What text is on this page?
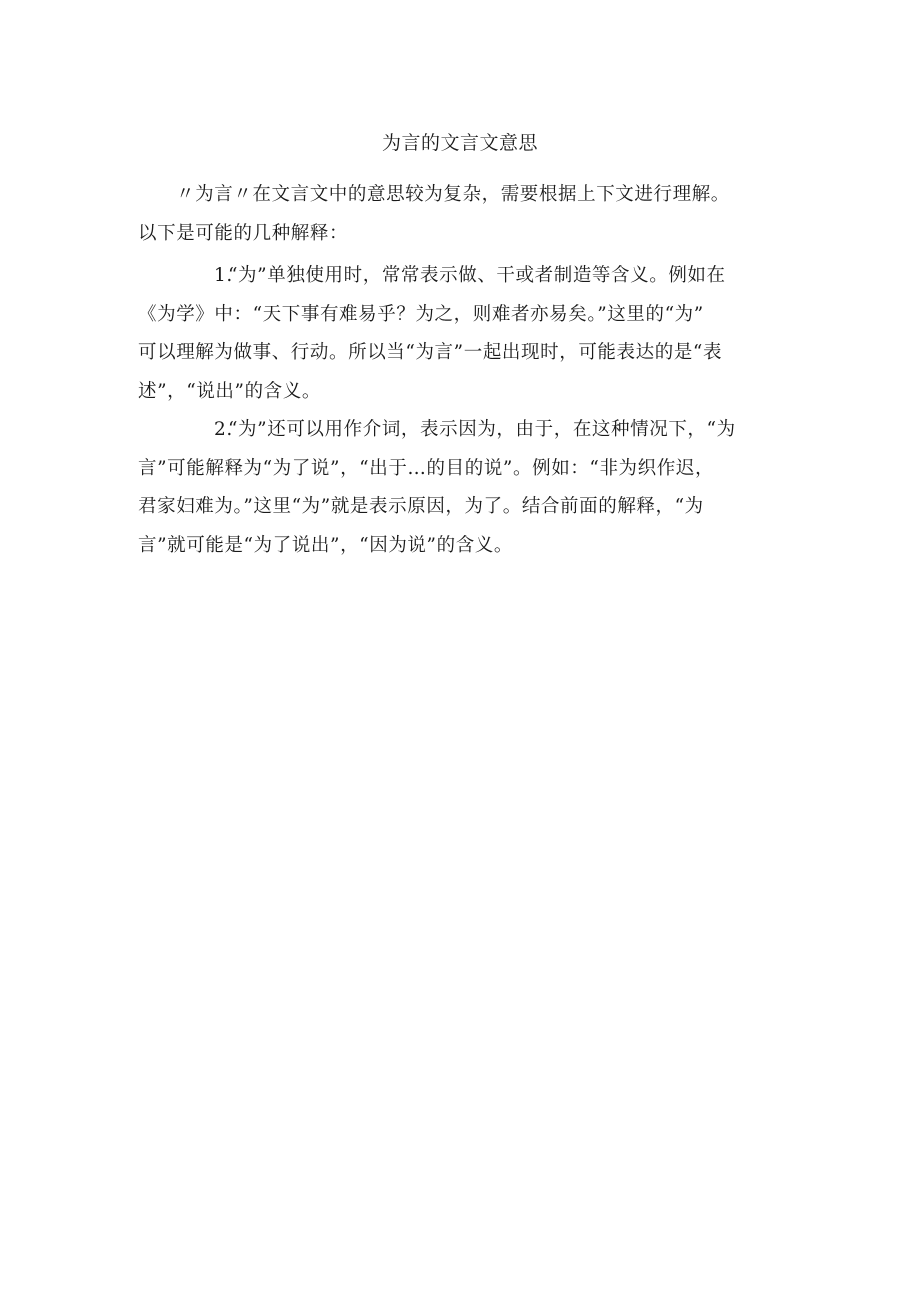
为言的文言文意思

〃为言〃在文言文中的意思较为复杂，需要根据上下文进行理解。

以下是可能的几种解释：

1.“为”单独使用时，常常表示做、干或者制造等含义。例如在

《为学》中：“天下事有难易乎？为之，则难者亦易矣。”这里的“为”
可以理解为做事、行动。所以当“为言”一起出现时，可能表达的是“表
述”，“说出”的含义。

2.“为”还可以用作介词，表示因为，由于，在这种情况下，“为

言”可能解释为“为了说”，“出于…的目的说”。例如：“非为织作迟，
君家妇难为。”这里“为”就是表示原因，为了。结合前面的解释，“为
言”就可能是“为了说出”，“因为说”的含义。
